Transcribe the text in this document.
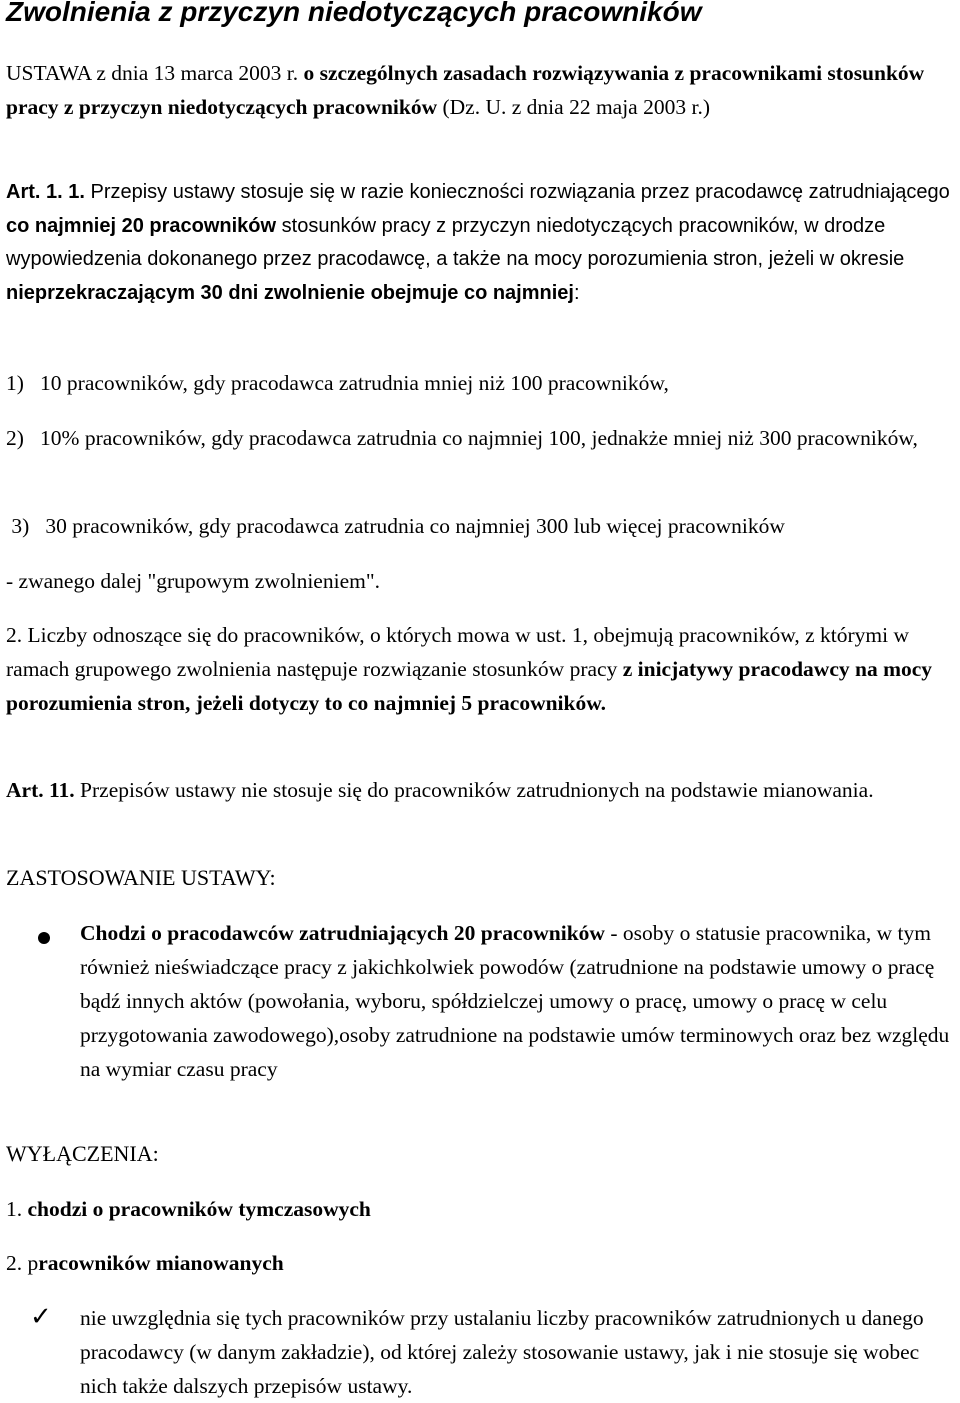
Zwolnienia z przyczyn niedotyczących pracowników

USTAWA z dnia 13 marca 2003 r. o szczególnych zasadach rozwiązywania z pracownikami stosunków pracy z przyczyn niedotyczących pracowników (Dz. U. z dnia 22 maja 2003 r.)

Art. 1. 1. Przepisy ustawy stosuje się w razie konieczności rozwiązania przez pracodawcę zatrudniającego co najmniej 20 pracowników stosunków pracy z przyczyn niedotyczących pracowników, w drodze wypowiedzenia dokonanego przez pracodawcę, a także na mocy porozumienia stron, jeżeli w okresie nieprzekraczającym 30 dni zwolnienie obejmuje co najmniej:

1)   10 pracowników, gdy pracodawca zatrudnia mniej niż 100 pracowników,

2)   10% pracowników, gdy pracodawca zatrudnia co najmniej 100, jednakże mniej niż 300 pracowników,

3)   30 pracowników, gdy pracodawca zatrudnia co najmniej 300 lub więcej pracowników

- zwanego dalej "grupowym zwolnieniem".

2. Liczby odnoszące się do pracowników, o których mowa w ust. 1, obejmują pracowników, z którymi w ramach grupowego zwolnienia następuje rozwiązanie stosunków pracy z inicjatywy pracodawcy na mocy porozumienia stron, jeżeli dotyczy to co najmniej 5 pracowników.

Art. 11. Przepisów ustawy nie stosuje się do pracowników zatrudnionych na podstawie mianowania.

ZASTOSOWANIE USTAWY:

Chodzi o pracodawców zatrudniających 20 pracowników - osoby o statusie pracownika, w tym również nieświadczące pracy z jakichkolwiek powodów (zatrudnione na podstawie umowy o pracę bądź innych aktów (powołania, wyboru, spółdzielczej umowy o pracę, umowy o pracę w celu przygotowania zawodowego),osoby zatrudnione na podstawie umów terminowych oraz bez względu na wymiar czasu pracy

WYŁĄCZENIA:

1. chodzi o pracowników tymczasowych

2. pracowników mianowanych

✓ nie uwzględnia się tych pracowników przy ustalaniu liczby pracowników zatrudnionych u danego pracodawcy (w danym zakładzie), od której zależy stosowanie ustawy, jak i nie stosuje się wobec nich także dalszych przepisów ustawy.
